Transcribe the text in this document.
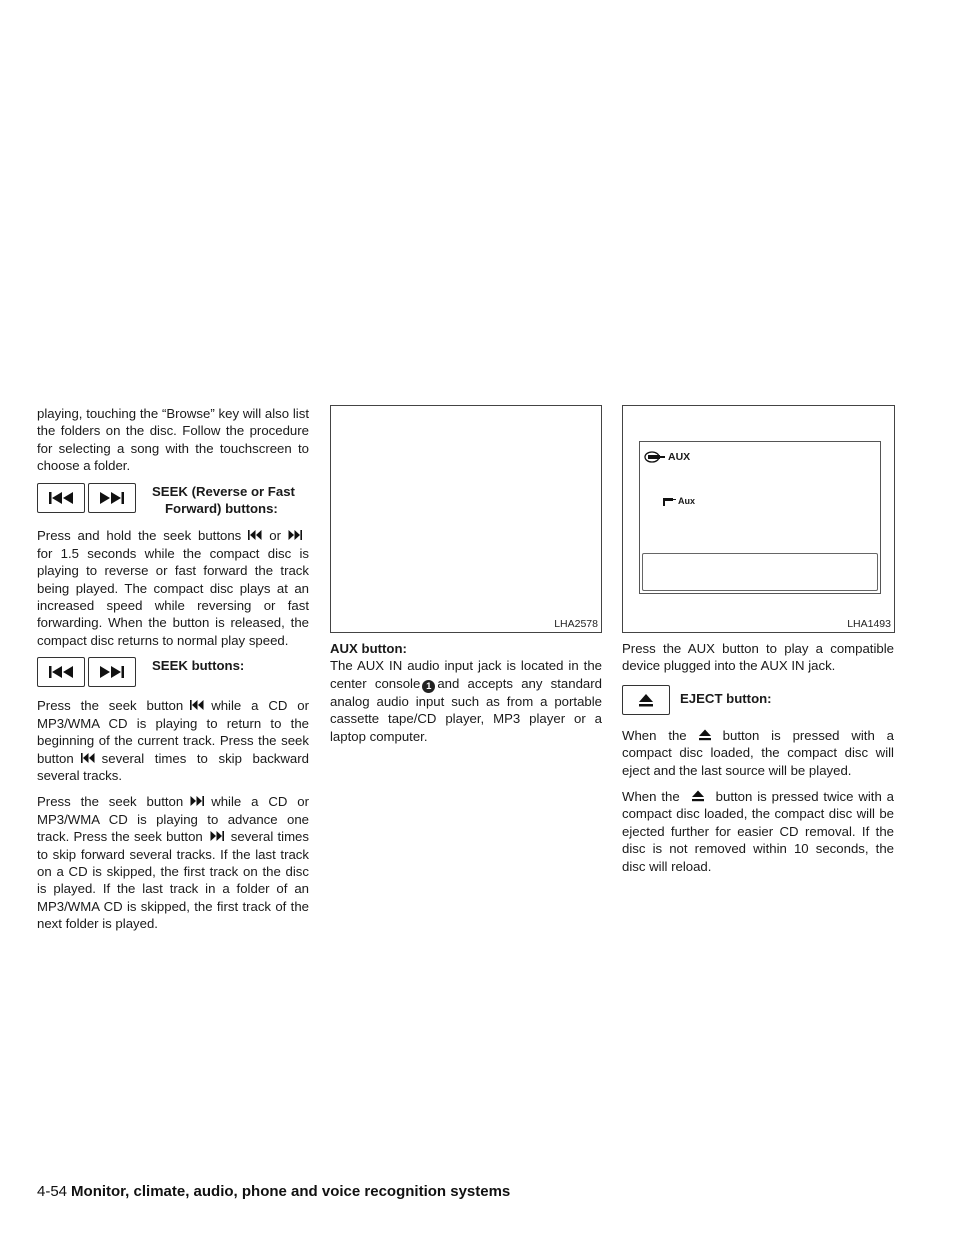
playing, touching the “Browse” key will also list the folders on the disc. Follow the procedure for selecting a song with the touchscreen to choose a folder.

SEEK (Reverse or Fast
Forward) buttons:

Press and hold the seek buttons or
for 1.5 seconds while the compact disc is playing to reverse or fast forward the track being played. The compact disc plays at an increased speed while reversing or fast forwarding. When the button is released, the compact disc returns to normal play speed.

SEEK buttons:

Press the seek button while a CD or MP3/WMA CD is playing to return to the beginning of the current track. Press the seek button several times to skip backward several tracks.

Press the seek button while a CD or MP3/WMA CD is playing to advance one track. Press the seek button several times to skip forward several tracks. If the last track on a CD is skipped, the first track on the disc is played. If the last track in a folder of an MP3/WMA CD is skipped, the first track of the next folder is played.

LHA2578

AUX button:

The AUX IN audio input jack is located in the center console 1 and accepts any standard analog audio input such as from a portable cassette tape/CD player, MP3 player or a laptop computer.

AUX
Aux
LHA1493

Press the AUX button to play a compatible device plugged into the AUX IN jack.

EJECT button:

When the	button is pressed with a compact disc loaded, the compact disc will eject and the last source will be played.

When the	button is pressed twice with a compact disc loaded, the compact disc will be ejected further for easier CD removal. If the disc is not removed within 10 seconds, the disc will reload.

4-54 Monitor, climate, audio, phone and voice recognition systems
